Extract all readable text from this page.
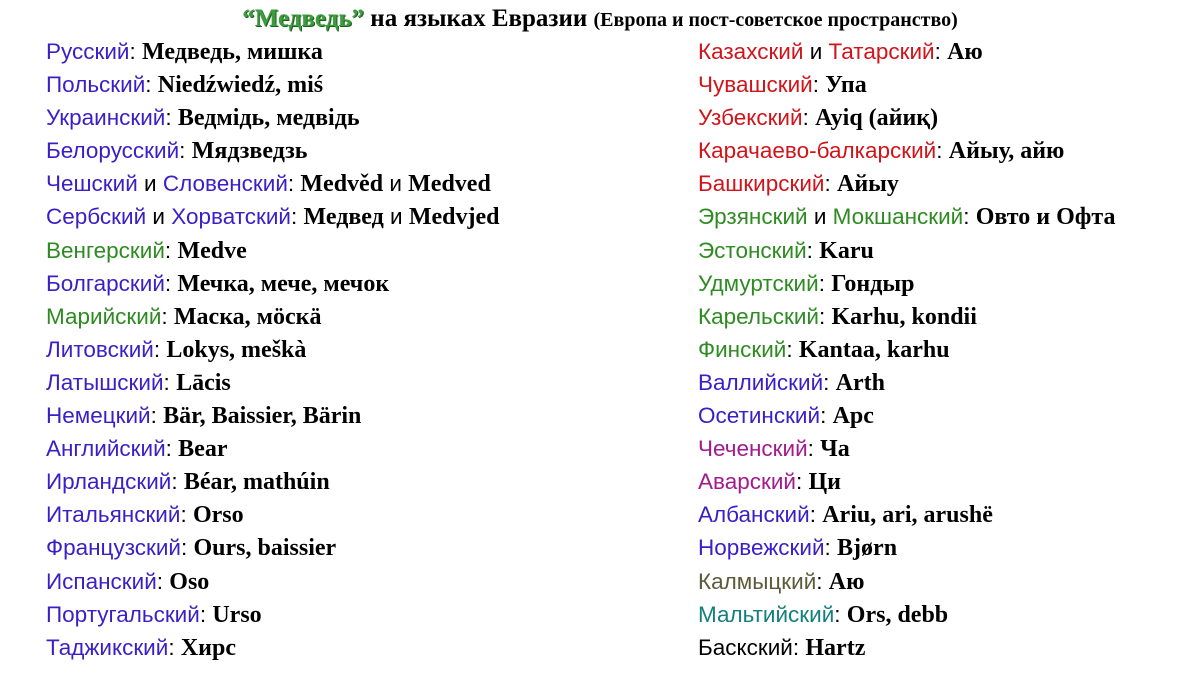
“Медведь” на языках Евразии (Европа и пост-советское пространство)
Русский: Медведь, мишка
Польский: Niedźwiedź, miś
Украинский: Ведмідь, медвідь
Белорусский: Мядзведзь
Чешский и Словенский: Medvěd и Medved
Сербский и Хорватский: Медвед и Medvjed
Венгерский: Medve
Болгарский: Мечка, мече, мечок
Марийский: Маска, мöскä
Литовский: Lokys, meškà
Латышский: Lācis
Немецкий: Bär, Baissier, Bärin
Английский: Bear
Ирландский: Béar, mathúin
Итальянский: Orso
Французский: Ours, baissier
Испанский: Oso
Португальский: Urso
Таджикский: Хирс
Казахский и Татарский: Аю
Чувашский: Упа
Узбекский: Ayiq (айиқ)
Карачаево-балкарский: Айыу, айю
Башкирский: Айыу
Эрзянский и Мокшанский: Овто и Офта
Эстонский: Karu
Удмуртский: Гондыр
Карельский: Karhu, kondii
Финский: Kantaa, karhu
Валлийский: Arth
Осетинский: Арс
Чеченский: Ча
Аварский: Ци
Албанский: Ariu, ari, arushë
Норвежский: Bjørn
Калмыцкий: Аю
Мальтийский: Ors, debb
Баскский: Hartz
